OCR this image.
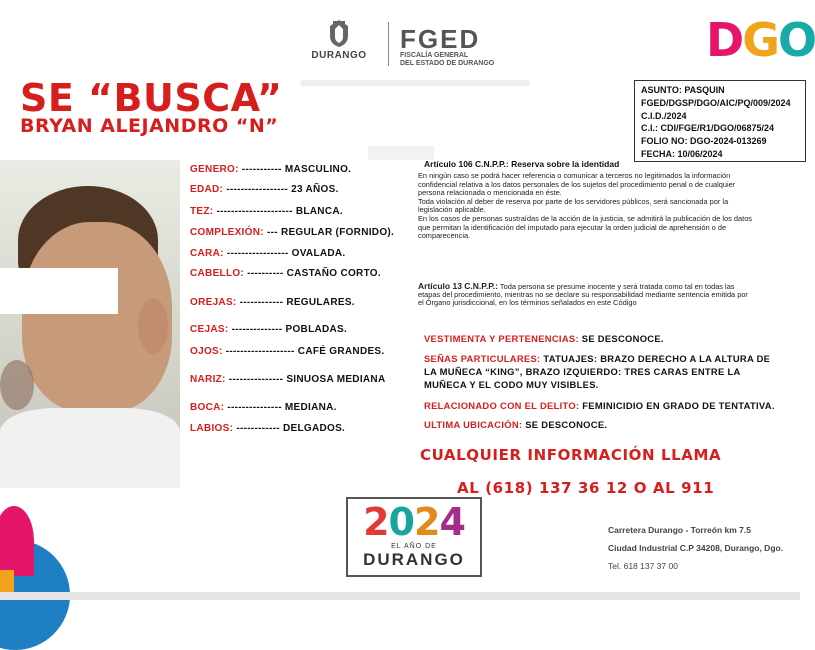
DURANGO
FGED
FISCALÍA GENERAL
DEL ESTADO DE DURANGO	DGO
SE “BUSCA”
BRYAN ALEJANDRO “N”
ASUNTO: PASQUIN
FGED/DGSP/DGO/AIC/PQ/009/2024
C.I.D./2024
C.I.: CDI/FGE/R1/DGO/06875/24
FOLIO NO: DGO-2024-013269
FECHA: 10/06/2024
GENERO: ----------- MASCULINO.
EDAD: ----------------- 23 AÑOS.
TEZ: --------------------- BLANCA.
COMPLEXIÓN: --- REGULAR (FORNIDO).
CARA: ----------------- OVALADA.
CABELLO: ---------- CASTAÑO CORTO.
OREJAS: ------------ REGULARES.
CEJAS: -------------- POBLADAS.
OJOS: ------------------- CAFÉ GRANDES.
NARIZ: --------------- SINUOSA MEDIANA
BOCA: --------------- MEDIANA.
LABIOS: ------------ DELGADOS.
Artículo 106 C.N.P.P.: Reserva sobre la identidad
En ningún caso se podrá hacer referencia o comunicar a terceros no legitimados la información
confidencial relativa a los datos personales de los sujetos del procedimiento penal o de cualquier
persona relacionada o mencionada en éste.
Toda violación al deber de reserva por parte de los servidores públicos, será sancionada por la
legislación aplicable.
En los casos de personas sustraídas de la acción de la justicia, se admitirá la publicación de los datos
que permitan la identificación del imputado para ejecutar la orden judicial de aprehensión o de
comparecencia.
Artículo 13 C.N.P.P.: Toda persona se presume inocente y será tratada como tal en todas las
etapas del procedimiento, mientras no se declare su responsabilidad mediante sentencia emitida por
el Órgano jurisdiccional, en los términos señalados en este Código
VESTIMENTA Y PERTENENCIAS: SE DESCONOCE.
SEÑAS PARTICULARES: TATUAJES: BRAZO DERECHO A LA ALTURA DE
LA MUÑECA “KING”, BRAZO IZQUIERDO: TRES CARAS ENTRE LA
MUÑECA Y EL CODO MUY VISIBLES.
RELACIONADO CON EL DELITO: FEMINICIDIO EN GRADO DE TENTATIVA.
ULTIMA UBICACIÓN: SE DESCONOCE.
CUALQUIER INFORMACIÓN LLAMA
AL (618) 137 36 12 O AL 911
2024
EL AÑO DE
DURANGO
Carretera Durango - Torreón km 7.5
Ciudad Industrial C.P 34208, Durango, Dgo.
Tel. 618 137 37 00
